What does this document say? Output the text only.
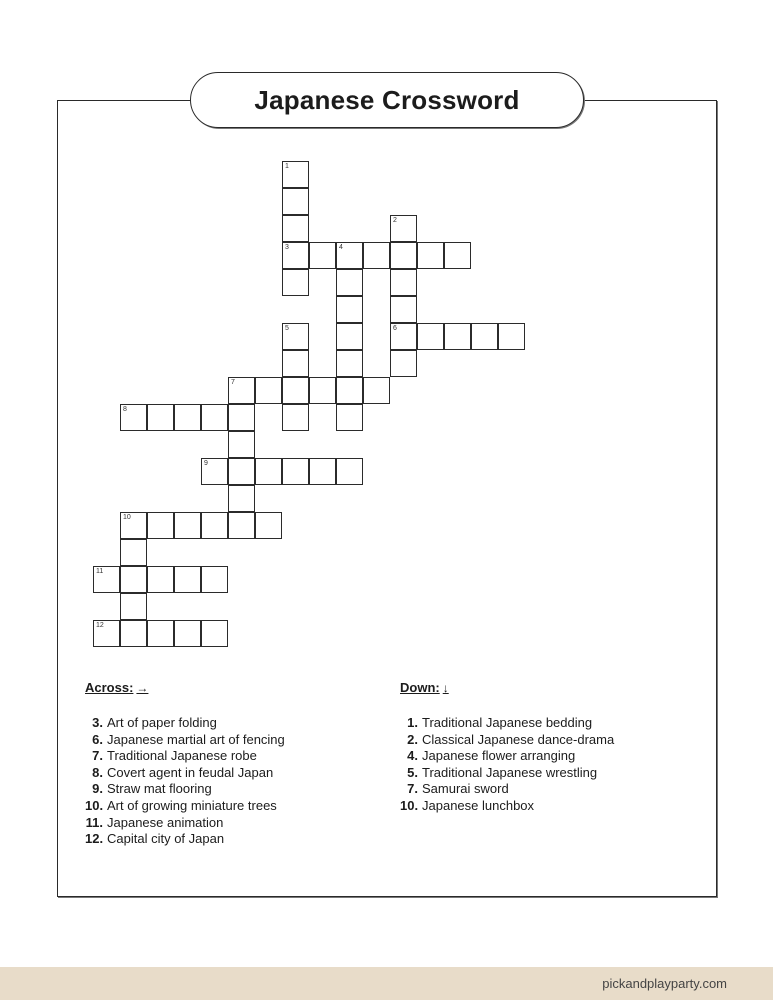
Japanese Crossword
1
2
3	4
5	6
7
8
9
10
11
12
Across: →
3. Art of paper folding
6. Japanese martial art of fencing
7. Traditional Japanese robe
8. Covert agent in feudal Japan
9. Straw mat flooring
10. Art of growing miniature trees
11. Japanese animation
12. Capital city of Japan
Down: ↓
1. Traditional Japanese bedding
2. Classical Japanese dance-drama
4. Japanese flower arranging
5. Traditional Japanese wrestling
7. Samurai sword
10. Japanese lunchbox
pickandplayparty.com
